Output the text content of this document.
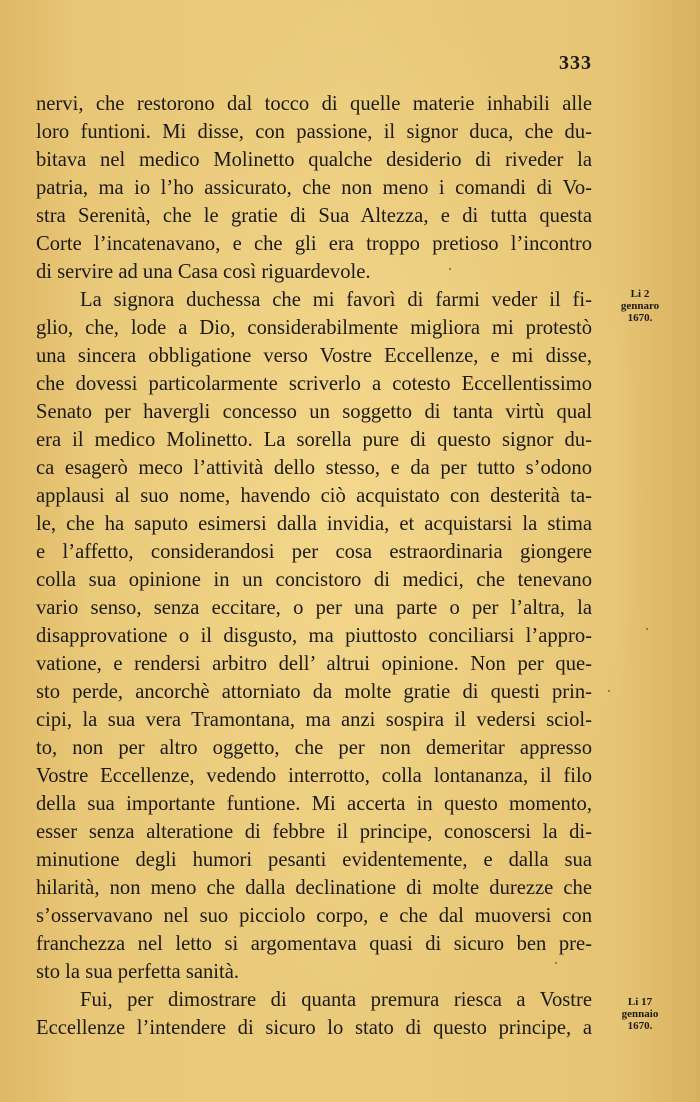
333
nervi, che restorono dal tocco di quelle materie inhabili alle
loro funtioni. Mi disse, con passione, il signor duca, che du-
bitava nel medico Molinetto qualche desiderio di riveder la
patria, ma io l’ho assicurato, che non meno i comandi di Vo-
stra Serenità, che le gratie di Sua Altezza, e di tutta questa
Corte l’incatenavano, e che gli era troppo pretioso l’incontro
di servire ad una Casa così riguardevole.
La signora duchessa che mi favorì di farmi veder il fi-
glio, che, lode a Dio, considerabilmente migliora mi protestò
una sincera obbligatione verso Vostre Eccellenze, e mi disse,
che dovessi particolarmente scriverlo a cotesto Eccellentissimo
Senato per havergli concesso un soggetto di tanta virtù qual
era il medico Molinetto. La sorella pure di questo signor du-
ca esagerò meco l’attività dello stesso, e da per tutto s’odono
applausi al suo nome, havendo ciò acquistato con desterità ta-
le, che ha saputo esimersi dalla invidia, et acquistarsi la stima
e l’affetto, considerandosi per cosa estraordinaria giongere
colla sua opinione in un concistoro di medici, che tenevano
vario senso, senza eccitare, o per una parte o per l’altra, la
disapprovatione o il disgusto, ma piuttosto conciliarsi l’appro-
vatione, e rendersi arbitro dell’ altrui opinione. Non per que-
sto perde, ancorchè attorniato da molte gratie di questi prin-
cipi, la sua vera Tramontana, ma anzi sospira il vedersi sciol-
to, non per altro oggetto, che per non demeritar appresso
Vostre Eccellenze, vedendo interrotto, colla lontananza, il filo
della sua importante funtione. Mi accerta in questo momento,
esser senza alteratione di febbre il principe, conoscersi la di-
minutione degli humori pesanti evidentemente, e dalla sua
hilarità, non meno che dalla declinatione di molte durezze che
s’osservavano nel suo picciolo corpo, e che dal muoversi con
franchezza nel letto si argomentava quasi di sicuro ben pre-
sto la sua perfetta sanità.
Fui, per dimostrare di quanta premura riesca a Vostre
Eccellenze l’intendere di sicuro lo stato di questo principe, a
Li 2
gennaro
1670.
Li 17
gennaio
1670.
